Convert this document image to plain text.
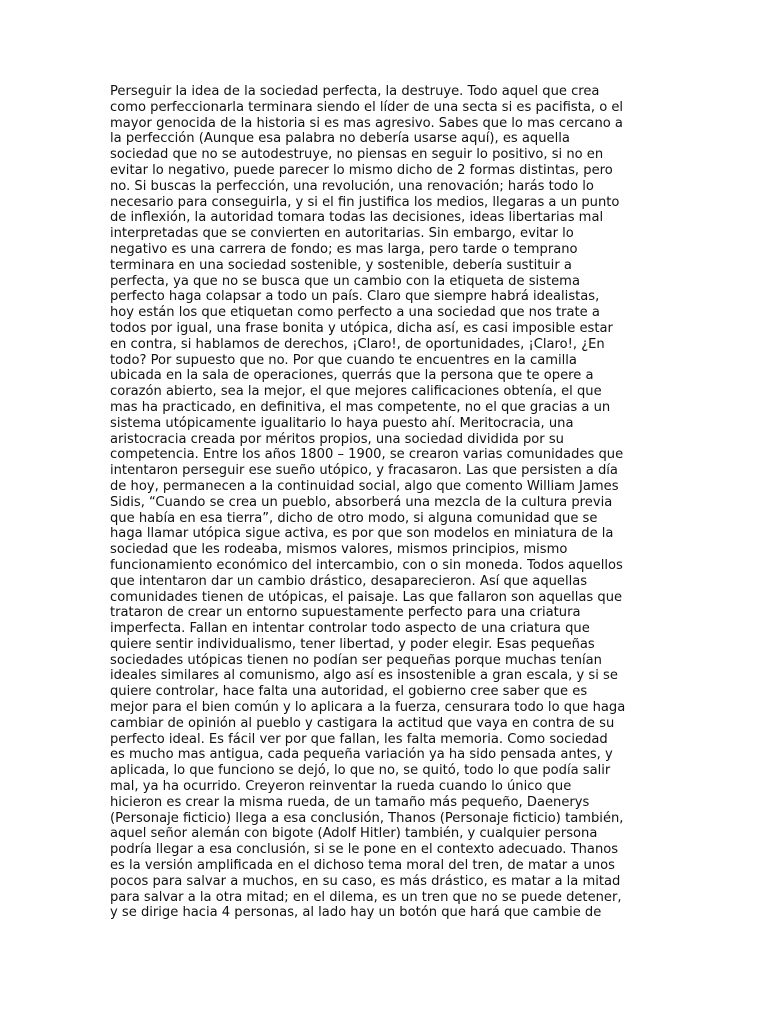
Perseguir la idea de la sociedad perfecta, la destruye. Todo aquel que crea
como perfeccionarla terminara siendo el líder de una secta si es pacifista, o el
mayor genocida de la historia si es mas agresivo. Sabes que lo mas cercano a
la perfección (Aunque esa palabra no debería usarse aquí), es aquella
sociedad que no se autodestruye, no piensas en seguir lo positivo, si no en
evitar lo negativo, puede parecer lo mismo dicho de 2 formas distintas, pero
no. Si buscas la perfección, una revolución, una renovación; harás todo lo
necesario para conseguirla, y si el fin justifica los medios, llegaras a un punto
de inflexión, la autoridad tomara todas las decisiones, ideas libertarias mal
interpretadas que se convierten en autoritarias. Sin embargo, evitar lo
negativo es una carrera de fondo; es mas larga, pero tarde o temprano
terminara en una sociedad sostenible, y sostenible, debería sustituir a
perfecta, ya que no se busca que un cambio con la etiqueta de sistema
perfecto haga colapsar a todo un país. Claro que siempre habrá idealistas,
hoy están los que etiquetan como perfecto a una sociedad que nos trate a
todos por igual, una frase bonita y utópica, dicha así, es casi imposible estar
en contra, si hablamos de derechos, ¡Claro!, de oportunidades, ¡Claro!, ¿En
todo? Por supuesto que no. Por que cuando te encuentres en la camilla
ubicada en la sala de operaciones, querrás que la persona que te opere a
corazón abierto, sea la mejor, el que mejores calificaciones obtenía, el que
mas ha practicado, en definitiva, el mas competente, no el que gracias a un
sistema utópicamente igualitario lo haya puesto ahí. Meritocracia, una
aristocracia creada por méritos propios, una sociedad dividida por su
competencia. Entre los años 1800 – 1900, se crearon varias comunidades que
intentaron perseguir ese sueño utópico, y fracasaron. Las que persisten a día
de hoy, permanecen a la continuidad social, algo que comento William James
Sidis, “Cuando se crea un pueblo, absorberá una mezcla de la cultura previa
que había en esa tierra”, dicho de otro modo, si alguna comunidad que se
haga llamar utópica sigue activa, es por que son modelos en miniatura de la
sociedad que les rodeaba, mismos valores, mismos principios, mismo
funcionamiento económico del intercambio, con o sin moneda. Todos aquellos
que intentaron dar un cambio drástico, desaparecieron. Así que aquellas
comunidades tienen de utópicas, el paisaje. Las que fallaron son aquellas que
trataron de crear un entorno supuestamente perfecto para una criatura
imperfecta. Fallan en intentar controlar todo aspecto de una criatura que
quiere sentir individualismo, tener libertad, y poder elegir. Esas pequeñas
sociedades utópicas tienen no podían ser pequeñas porque muchas tenían
ideales similares al comunismo, algo así es insostenible a gran escala, y si se
quiere controlar, hace falta una autoridad, el gobierno cree saber que es
mejor para el bien común y lo aplicara a la fuerza, censurara todo lo que haga
cambiar de opinión al pueblo y castigara la actitud que vaya en contra de su
perfecto ideal. Es fácil ver por que fallan, les falta memoria. Como sociedad
es mucho mas antigua, cada pequeña variación ya ha sido pensada antes, y
aplicada, lo que funciono se dejó, lo que no, se quitó, todo lo que podía salir
mal, ya ha ocurrido. Creyeron reinventar la rueda cuando lo único que
hicieron es crear la misma rueda, de un tamaño más pequeño, Daenerys
(Personaje ficticio) llega a esa conclusión, Thanos (Personaje ficticio) también,
aquel señor alemán con bigote (Adolf Hitler) también, y cualquier persona
podría llegar a esa conclusión, si se le pone en el contexto adecuado. Thanos
es la versión amplificada en el dichoso tema moral del tren, de matar a unos
pocos para salvar a muchos, en su caso, es más drástico, es matar a la mitad
para salvar a la otra mitad; en el dilema, es un tren que no se puede detener,
y se dirige hacia 4 personas, al lado hay un botón que hará que cambie de
